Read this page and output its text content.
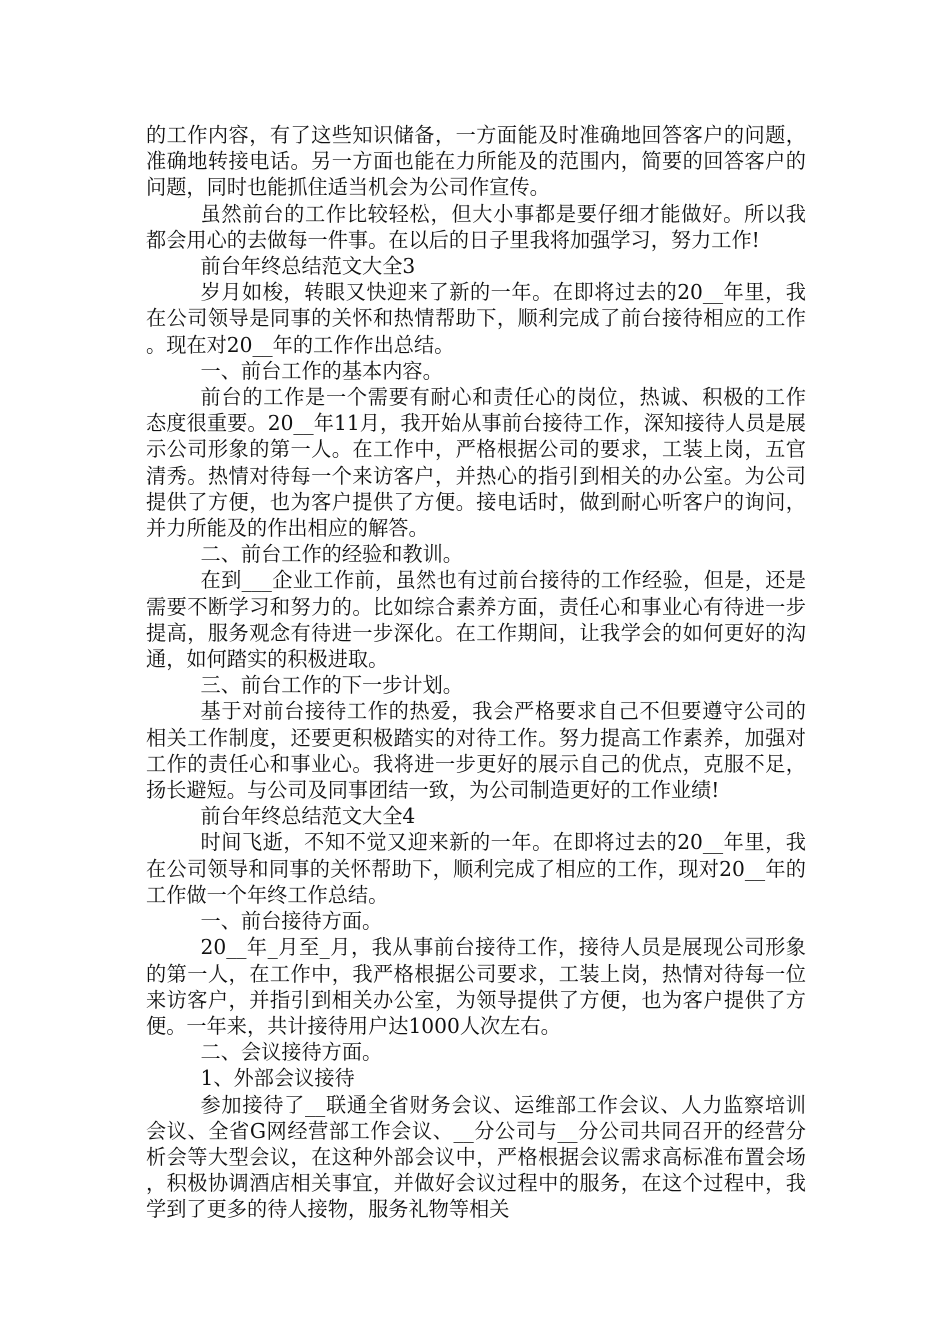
的工作内容，有了这些知识储备，一方面能及时准确地回答客户的问题，准确地转接电话。另一方面也能在力所能及的范围内，简要的回答客户的问题，同时也能抓住适当机会为公司作宣传。

虽然前台的工作比较轻松，但大小事都是要仔细才能做好。所以我都会用心的去做每一件事。在以后的日子里我将加强学习，努力工作!

前台年终总结范文大全3

岁月如梭，转眼又快迎来了新的一年。在即将过去的20__年里，我在公司领导是同事的关怀和热情帮助下，顺利完成了前台接待相应的工作。现在对20__年的工作作出总结。

一、前台工作的基本内容。

前台的工作是一个需要有耐心和责任心的岗位，热诚、积极的工作态度很重要。20__年11月，我开始从事前台接待工作，深知接待人员是展示公司形象的第一人。在工作中，严格根据公司的要求，工装上岗，五官清秀。热情对待每一个来访客户，并热心的指引到相关的办公室。为公司提供了方便，也为客户提供了方便。接电话时，做到耐心听客户的询问，并力所能及的作出相应的解答。

二、前台工作的经验和教训。

在到___企业工作前，虽然也有过前台接待的工作经验，但是，还是需要不断学习和努力的。比如综合素养方面，责任心和事业心有待进一步提高，服务观念有待进一步深化。在工作期间，让我学会的如何更好的沟通，如何踏实的积极进取。

三、前台工作的下一步计划。

基于对前台接待工作的热爱，我会严格要求自己不但要遵守公司的相关工作制度，还要更积极踏实的对待工作。努力提高工作素养，加强对工作的责任心和事业心。我将进一步更好的展示自己的优点，克服不足，扬长避短。与公司及同事团结一致，为公司制造更好的工作业绩!

前台年终总结范文大全4

时间飞逝，不知不觉又迎来新的一年。在即将过去的20__年里，我在公司领导和同事的关怀帮助下，顺利完成了相应的工作，现对20__年的工作做一个年终工作总结。

一、前台接待方面。

20__年_月至_月，我从事前台接待工作，接待人员是展现公司形象的第一人，在工作中，我严格根据公司要求，工装上岗，热情对待每一位来访客户，并指引到相关办公室，为领导提供了方便，也为客户提供了方便。一年来，共计接待用户达1000人次左右。

二、会议接待方面。

1、外部会议接待

参加接待了__联通全省财务会议、运维部工作会议、人力监察培训会议、全省G网经营部工作会议、__分公司与__分公司共同召开的经营分析会等大型会议，在这种外部会议中，严格根据会议需求高标准布置会场，积极协调酒店相关事宜，并做好会议过程中的服务，在这个过程中，我学到了更多的待人接物，服务礼物等相关
